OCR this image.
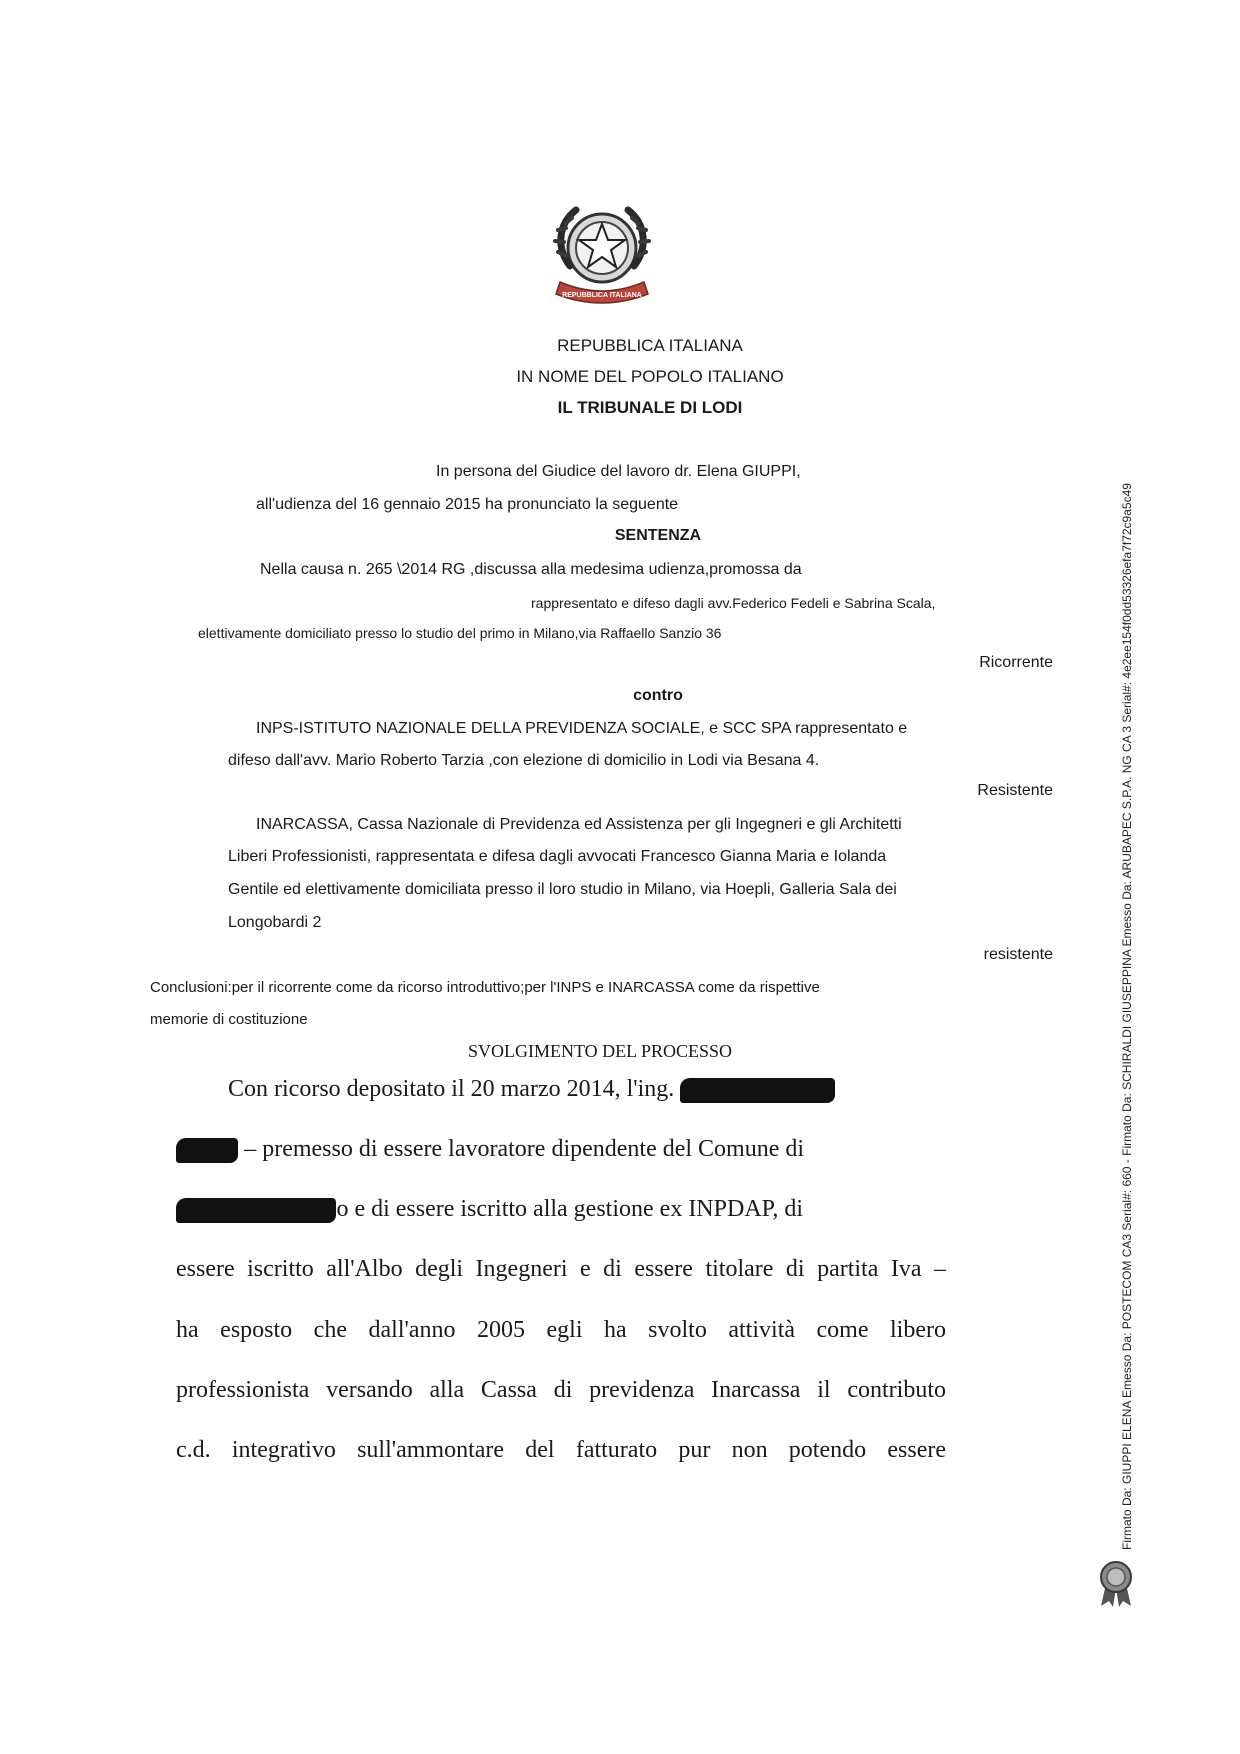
REPUBBLICA ITALIANA
REPUBBLICA ITALIANA
IN NOME DEL POPOLO ITALIANO
IL TRIBUNALE DI LODI
In persona del Giudice del lavoro dr. Elena GIUPPI,
all'udienza del 16 gennaio 2015 ha pronunciato la seguente
SENTENZA
Nella causa n. 265 \2014 RG ,discussa alla medesima udienza,promossa da
rappresentato e difeso dagli avv.Federico Fedeli e Sabrina Scala,
elettivamente domiciliato presso lo studio del primo in Milano,via Raffaello Sanzio 36
Ricorrente
contro
INPS-ISTITUTO NAZIONALE DELLA PREVIDENZA SOCIALE, e SCC SPA rappresentato e
difeso dall'avv. Mario Roberto Tarzia ,con elezione di domicilio in Lodi via Besana 4.
Resistente
INARCASSA, Cassa Nazionale di Previdenza ed Assistenza per gli Ingegneri e gli Architetti
Liberi Professionisti, rappresentata e difesa dagli avvocati Francesco Gianna Maria e Iolanda
Gentile ed elettivamente domiciliata presso il loro studio in Milano, via Hoepli, Galleria Sala dei
Longobardi 2
resistente
Conclusioni:per il ricorrente come da ricorso introduttivo;per l'INPS e INARCASSA come da rispettive
memorie di costituzione
SVOLGIMENTO DEL PROCESSO
Con ricorso depositato il 20 marzo 2014, l'ing.
– premesso di essere lavoratore dipendente del Comune di
o e di essere iscritto alla gestione ex INPDAP, di
essere iscritto all'Albo degli Ingegneri e di essere titolare di partita Iva –
ha esposto che dall'anno 2005 egli ha svolto attività come libero
professionista versando alla Cassa di previdenza Inarcassa il contributo
c.d. integrativo sull'ammontare del fatturato pur non potendo essere	Firmato Da: GIUPPI ELENA Emesso Da: POSTECOM CA3 Serial#: 660 - Firmato Da: SCHIRALDI GIUSEPPINA Emesso Da: ARUBAPEC S.P.A. NG CA 3 Serial#: 4e2ee154f0dd53326efa7f72c9a5c49
